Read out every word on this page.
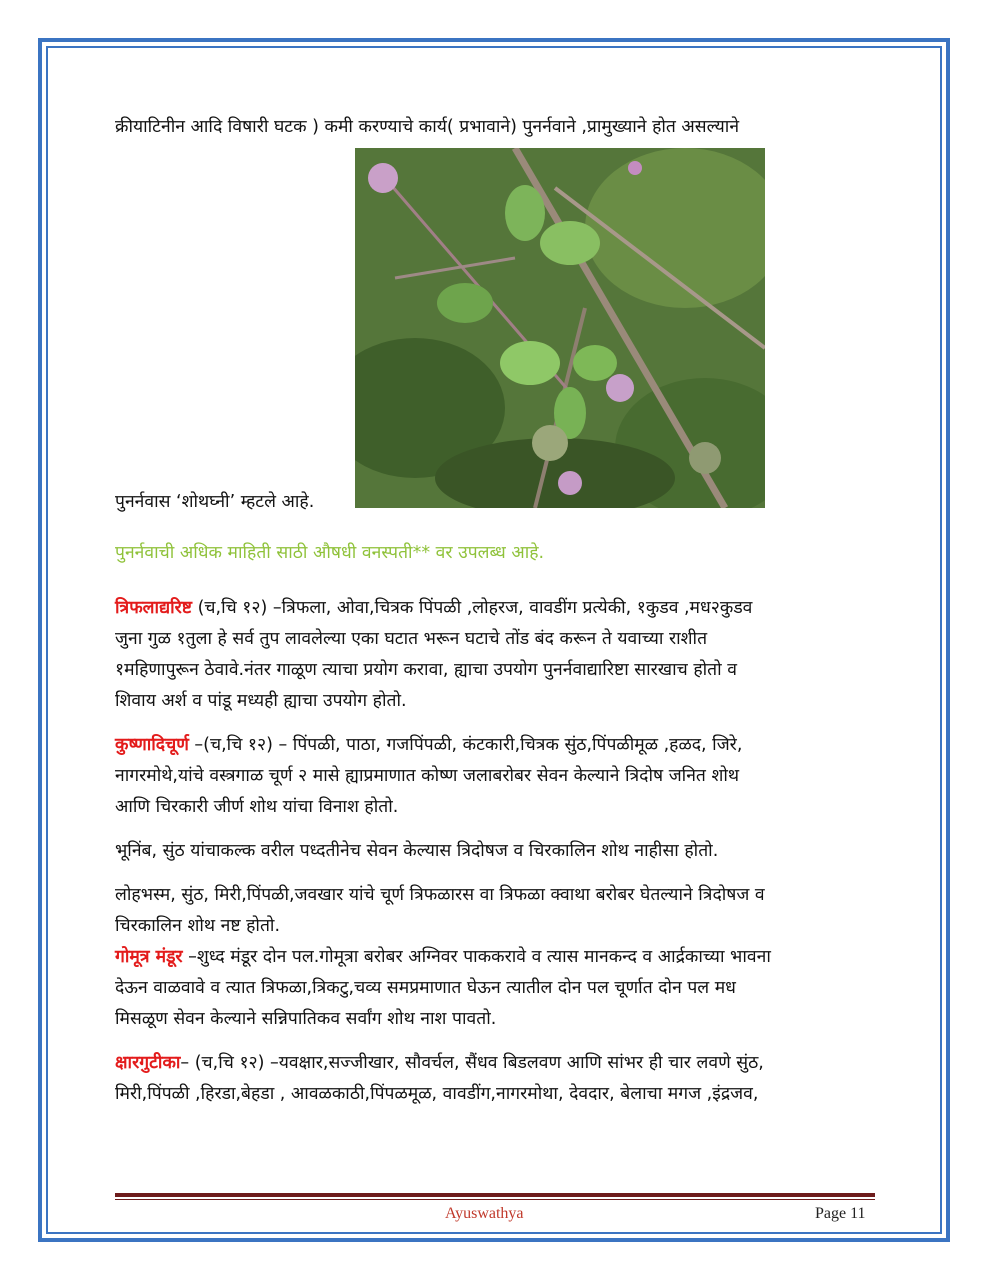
क्रीयाटिनीन आदि विषारी घटक ) कमी करण्याचे कार्य( प्रभावाने) पुनर्नवाने ,प्रामुख्याने होत असल्याने
पुनर्नवास ‘शोथघ्नी’ म्हटले आहे.
पुनर्नवाची अधिक माहिती साठी औषधी वनस्पती** वर उपलब्ध आहे.
त्रिफलाद्यरिष्ट (च,चि १२) –त्रिफला, ओवा,चित्रक पिंपळी ,लोहरज, वावडींग प्रत्येकी, १कुडव ,मध२कुडव
जुना गुळ १तुला हे सर्व तुप लावलेल्या एका घटात भरून घटाचे तोंड बंद करून ते यवाच्या राशीत
१महिणापुरून ठेवावे.नंतर गाळूण त्याचा प्रयोग करावा, ह्याचा उपयोग पुनर्नवाद्यारिष्टा सारखाच होतो व
शिवाय अर्श व पांडू मध्यही ह्याचा उपयोग होतो.
कुष्णादिचूर्ण –(च,चि १२) – पिंपळी, पाठा, गजपिंपळी, कंटकारी,चित्रक सुंठ,पिंपळीमूळ ,हळद, जिरे,
नागरमोथे,यांचे वस्त्रगाळ चूर्ण २ मासे ह्याप्रमाणात कोष्ण जलाबरोबर सेवन केल्याने त्रिदोष जनित शोथ
आणि चिरकारी जीर्ण शोथ यांचा विनाश होतो.
भूनिंब, सुंठ यांचाकल्क वरील पध्दतीनेच सेवन केल्यास त्रिदोषज व चिरकालिन शोथ नाहीसा होतो.
लोहभस्म, सुंठ, मिरी,पिंपळी,जवखार यांचे चूर्ण त्रिफळारस वा त्रिफळा क्वाथा बरोबर घेतल्याने त्रिदोषज व
चिरकालिन शोथ नष्ट होतो.
गोमूत्र मंडूर –शुध्द मंडूर दोन पल.गोमूत्रा बरोबर अग्निवर पाककरावे व त्यास मानकन्द व आर्द्रकाच्या भावना
देऊन वाळवावे व त्यात त्रिफळा,त्रिकटु,चव्य समप्रमाणात घेऊन त्यातील दोन पल चूर्णात दोन पल मध
मिसळूण सेवन केल्याने सन्निपातिकव सर्वांग शोथ नाश पावतो.
क्षारगुटीका– (च,चि १२) –यवक्षार,सज्जीखार, सौवर्चल, सैंधव बिडलवण आणि सांभर ही चार लवणे सुंठ,
मिरी,पिंपळी ,हिरडा,बेहडा , आवळकाठी,पिंपळमूळ, वावडींग,नागरमोथा, देवदार, बेलाचा मगज ,इंद्रजव,
Ayuswathya	Page 11
